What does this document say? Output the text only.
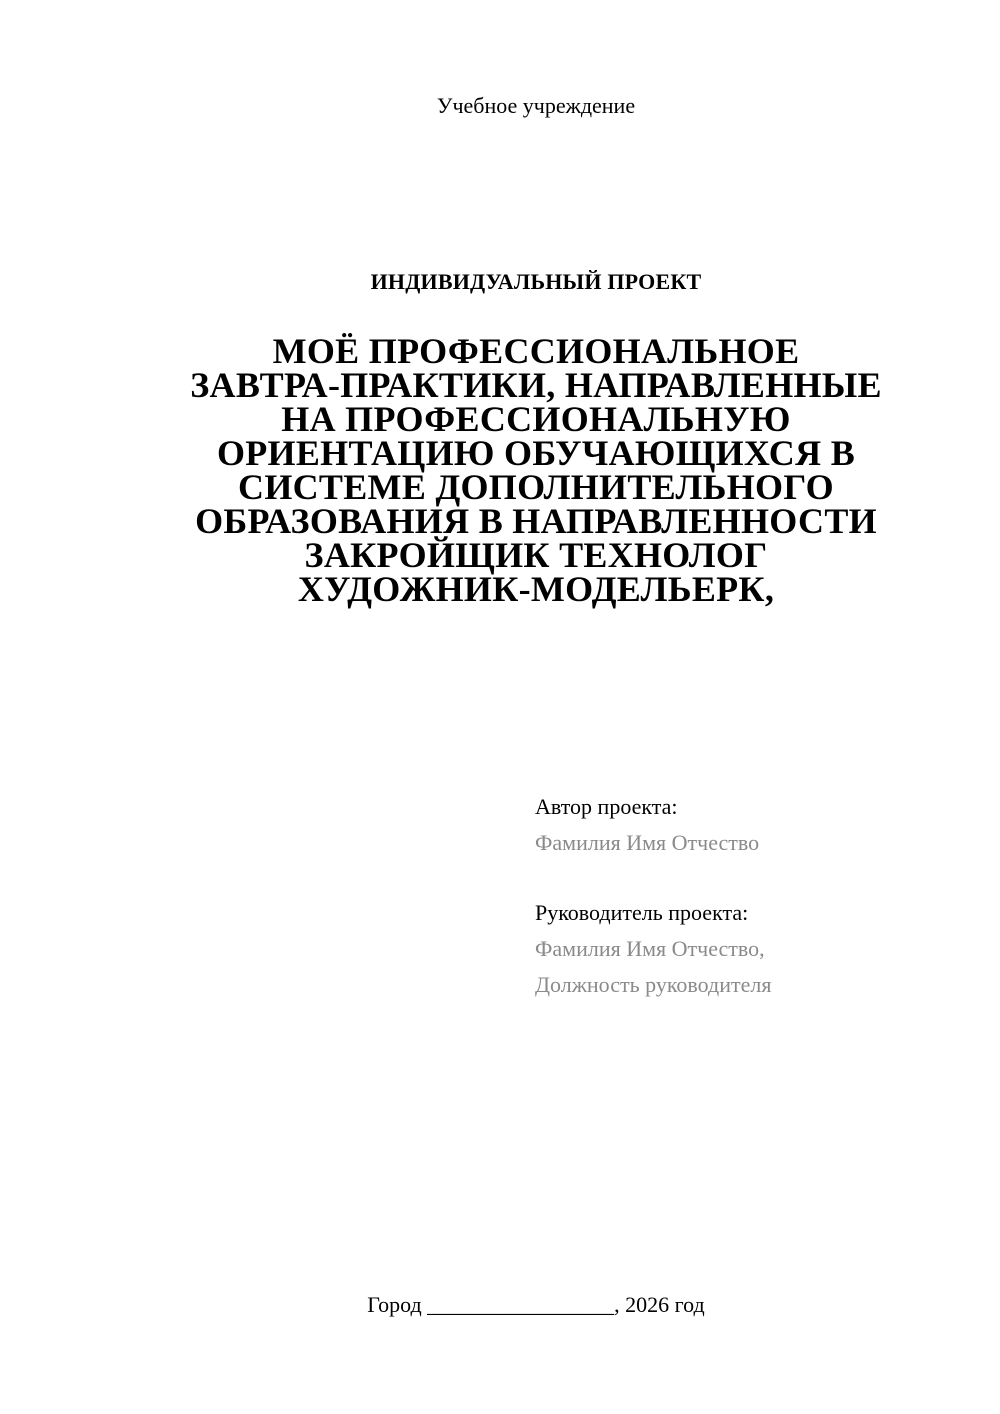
Учебное учреждение
ИНДИВИДУАЛЬНЫЙ ПРОЕКТ
МОЁ ПРОФЕССИОНАЛЬНОЕ
ЗАВТРА-ПРАКТИКИ, НАПРАВЛЕННЫЕ
НА ПРОФЕССИОНАЛЬНУЮ
ОРИЕНТАЦИЮ ОБУЧАЮЩИХСЯ В
СИСТЕМЕ ДОПОЛНИТЕЛЬНОГО
ОБРАЗОВАНИЯ В НАПРАВЛЕННОСТИ
ЗАКРОЙЩИК ТЕХНОЛОГ
ХУДОЖНИК-МОДЕЛЬЕРК,
Автор проекта:
Фамилия Имя Отчество
Руководитель проекта:
Фамилия Имя Отчество,
Должность руководителя
Город _________________, 2026 год
